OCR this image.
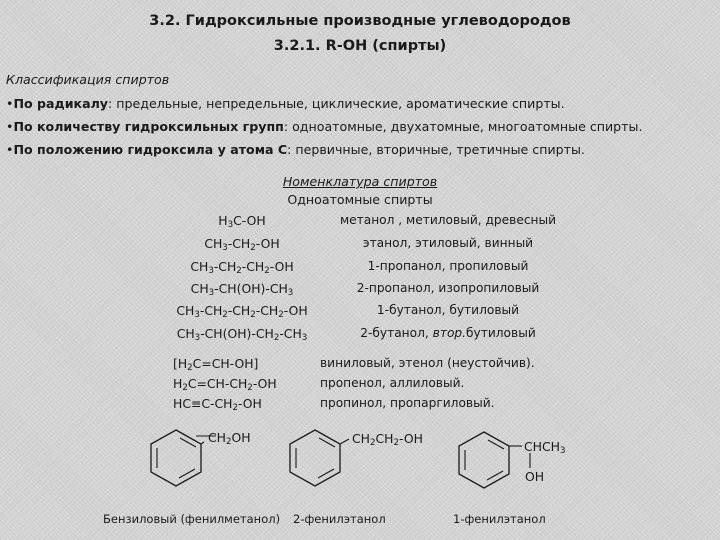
3.2. Гидроксильные производные углеводородов
3.2.1. R-OH (спирты)
Классификация спиртов
•По радикалу: предельные, непредельные, циклические, ароматические спирты.
•По количеству гидроксильных групп: одноатомные, двухатомные, многоатомные спирты.
•По положению гидроксила у атома С: первичные, вторичные, третичные спирты.
Номенклатура спиртов
Одноатомные спирты
$H_3C-OH$	метанол , метиловый, древесный
$CH_3-CH_2-OH$	этанол, этиловый, винный
$CH_3-CH_2-CH_2-OH$	1-пропанол, пропиловый
$CH_3-CH(OH)-CH_3$	2-пропанол, изопропиловый
$CH_3-CH_2-CH_2-CH_2-OH$	1-бутанол, бутиловый
$CH_3-CH(OH)-CH_2-CH_3$	2-бутанол, втор.бутиловый
$[H_2C=CH-OH]$	виниловый, этенол (неустойчив).
$H_2C=CH-CH_2-OH$	пропенол, аллиловый.
$HC\equiv C-CH_2-OH$	пропинол, пропаргиловый.
$CH_2OH$
Бензиловый (фенилметанол)
$CH_2CH_2-OH$
2-фенилэтанол
$CHCH_3$
OH
1-фенилэтанол
